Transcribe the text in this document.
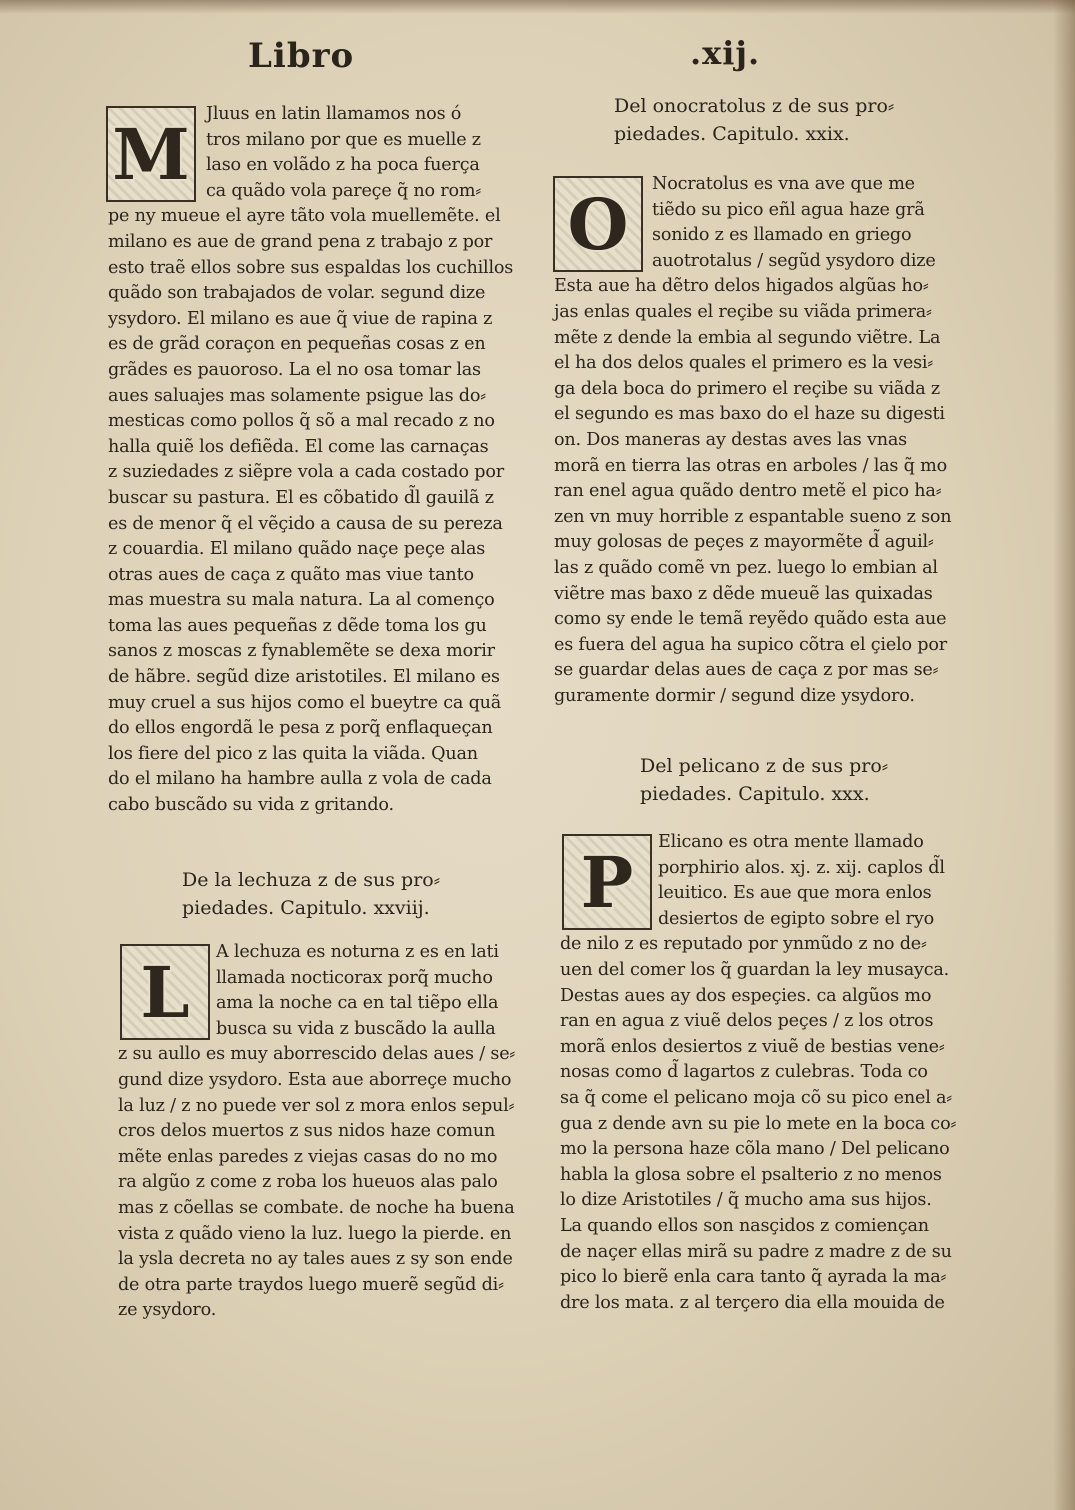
Libro	.xij.
M Jluus en latin llamamos nos ó
tros milano por que es muelle z
laso en volãdo z ha poca fuerça
ca quãdo vola pareçe q̃ no rom⸗
pe ny mueue el ayre tãto vola muellemẽte. el
milano es aue de grand pena z trabajo z por
esto traẽ ellos sobre sus espaldas los cuchillos
quãdo son trabajados de volar. segund dize
ysydoro. El milano es aue q̃ viue de rapina z
es de grãd coraçon en pequeñas cosas z en
grãdes es pauoroso. La el no osa tomar las
aues saluajes mas solamente psigue las do⸗
mesticas como pollos q̃ sõ a mal recado z no
halla quiẽ los defiẽda. El come las carnaças
z suziedades z siẽpre vola a cada costado por
buscar su pastura. El es cõbatido d̃l gauilã z
es de menor q̃ el vẽçido a causa de su pereza
z couardia. El milano quãdo naçe peçe alas
otras aues de caça z quãto mas viue tanto
mas muestra su mala natura. La al començo
toma las aues pequeñas z dẽde toma los gu
sanos z moscas z fynablemẽte se dexa morir
de hãbre. segũd dize aristotiles. El milano es
muy cruel a sus hijos como el bueytre ca quã
do ellos engordã le pesa z porq̃ enflaqueçan
los fiere del pico z las quita la viãda. Quan
do el milano ha hambre aulla z vola de cada
cabo buscãdo su vida z gritando.
De la lechuza z de sus pro⸗
piedades. Capitulo. xxviij.
L	A lechuza es noturna z es en lati
llamada nocticorax porq̃ mucho
ama la noche ca en tal tiẽpo ella
busca su vida z buscãdo la aulla
z su aullo es muy aborrescido delas aues / se⸗
gund dize ysydoro. Esta aue aborreçe mucho
la luz / z no puede ver sol z mora enlos sepul⸗
cros delos muertos z sus nidos haze comun
mẽte enlas paredes z viejas casas do no mo
ra algũo z come z roba los hueuos alas palo
mas z cõellas se combate. de noche ha buena
vista z quãdo vieno la luz. luego la pierde. en
la ysla decreta no ay tales aues z sy son ende
de otra parte traydos luego muerẽ segũd di⸗
ze ysydoro.
Del onocratolus z de sus pro⸗
piedades. Capitulo. xxix.
O	Nocratolus es vna ave que me
tiẽdo su pico eñl agua haze grã
sonido z es llamado en griego
auotrotalus / segũd ysydoro dize
Esta aue ha dẽtro delos higados algũas ho⸗
jas enlas quales el reçibe su viãda primera⸗
mẽte z dende la embia al segundo viẽtre. La
el ha dos delos quales el primero es la vesi⸗
ga dela boca do primero el reçibe su viãda z
el segundo es mas baxo do el haze su digesti
on. Dos maneras ay destas aves las vnas
morã en tierra las otras en arboles / las q̃ mo
ran enel agua quãdo dentro metẽ el pico ha⸗
zen vn muy horrible z espantable sueno z son
muy golosas de peçes z mayormẽte d̃ aguil⸗
las z quãdo comẽ vn pez. luego lo embian al
viẽtre mas baxo z dẽde mueuẽ las quixadas
como sy ende le temã reyẽdo quãdo esta aue
es fuera del agua ha supico cõtra el çielo por
se guardar delas aues de caça z por mas se⸗
guramente dormir / segund dize ysydoro.
Del pelicano z de sus pro⸗
piedades. Capitulo. xxx.
P	Elicano es otra mente llamado
porphirio alos. xj. z. xij. caplos d̃l
leuitico. Es aue que mora enlos
desiertos de egipto sobre el ryo
de nilo z es reputado por ynmũdo z no de⸗
uen del comer los q̃ guardan la ley musayca.
Destas aues ay dos espeçies. ca algũos mo
ran en agua z viuẽ delos peçes / z los otros
morã enlos desiertos z viuẽ de bestias vene⸗
nosas como d̃ lagartos z culebras. Toda co
sa q̃ come el pelicano moja cõ su pico enel a⸗
gua z dende avn su pie lo mete en la boca co⸗
mo la persona haze cõla mano / Del pelicano
habla la glosa sobre el psalterio z no menos
lo dize Aristotiles / q̃ mucho ama sus hijos.
La quando ellos son nasçidos z comiençan
de naçer ellas mirã su padre z madre z de su
pico lo bierẽ enla cara tanto q̃ ayrada la ma⸗
dre los mata. z al terçero dia ella mouida de
